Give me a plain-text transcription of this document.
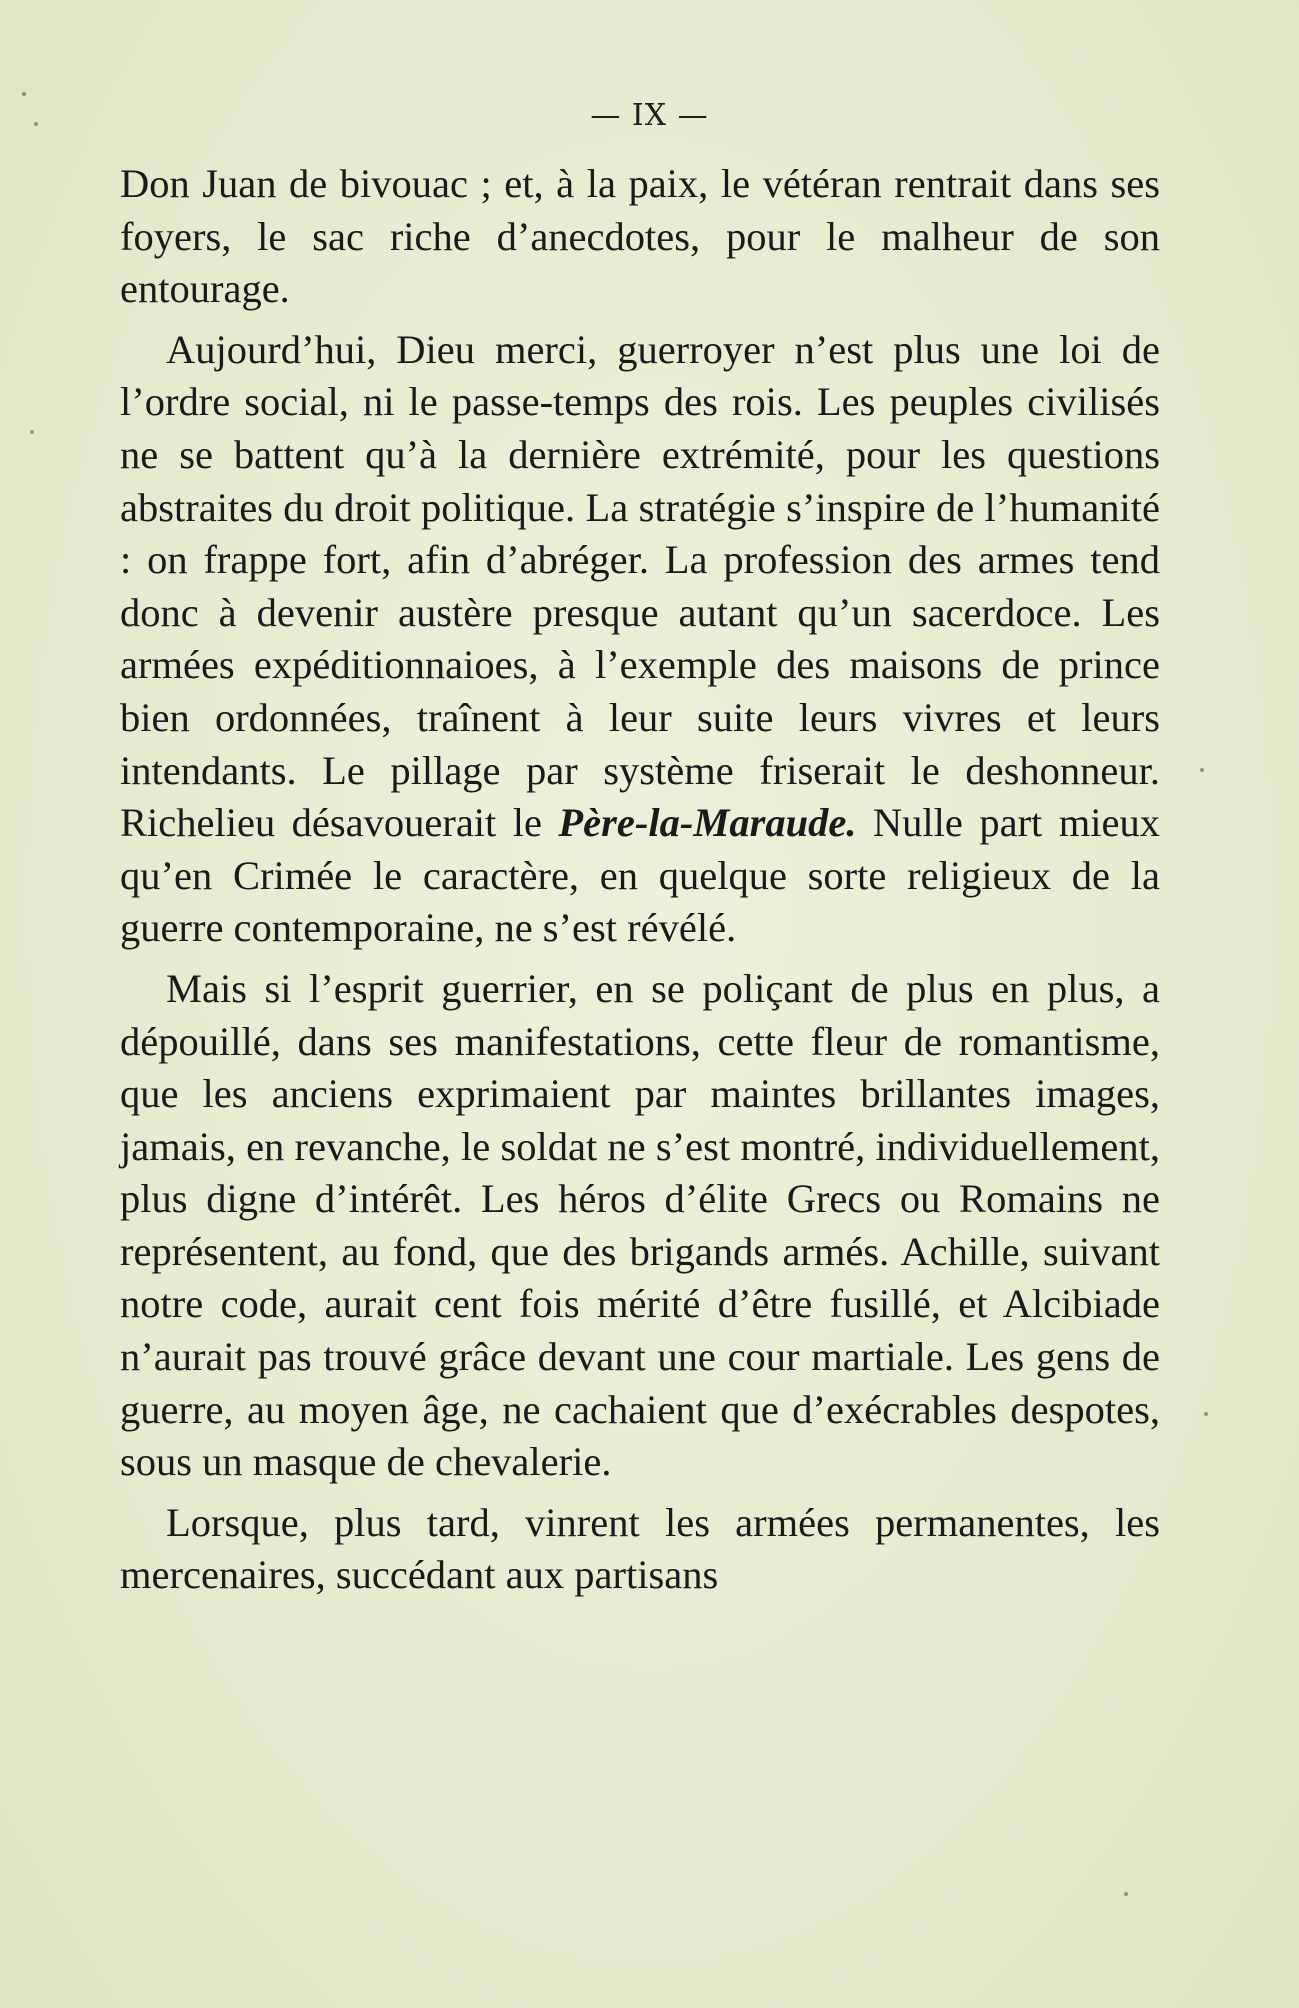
— IX —

Don Juan de bivouac ; et, à la paix, le vétéran rentrait dans ses foyers, le sac riche d’anecdotes, pour le malheur de son entourage.

Aujourd’hui, Dieu merci, guerroyer n’est plus une loi de l’ordre social, ni le passe-temps des rois. Les peuples civilisés ne se battent qu’à la dernière extrémité, pour les questions abstraites du droit politique. La stratégie s’inspire de l’humanité : on frappe fort, afin d’abréger. La profession des armes tend donc à devenir austère presque autant qu’un sacerdoce. Les armées expéditionnaioes, à l’exemple des maisons de prince bien ordonnées, traînent à leur suite leurs vivres et leurs intendants. Le pillage par système friserait le deshonneur. Richelieu désavouerait le Père-la-Maraude. Nulle part mieux qu’en Crimée le caractère, en quelque sorte religieux de la guerre contemporaine, ne s’est révélé.

Mais si l’esprit guerrier, en se poliçant de plus en plus, a dépouillé, dans ses manifestations, cette fleur de romantisme, que les anciens exprimaient par maintes brillantes images, jamais, en revanche, le soldat ne s’est montré, individuellement, plus digne d’intérêt. Les héros d’élite Grecs ou Romains ne représentent, au fond, que des brigands armés. Achille, suivant notre code, aurait cent fois mérité d’être fusillé, et Alcibiade n’aurait pas trouvé grâce devant une cour martiale. Les gens de guerre, au moyen âge, ne cachaient que d’exécrables despotes, sous un masque de chevalerie.

Lorsque, plus tard, vinrent les armées permanentes, les mercenaires, succédant aux partisans
